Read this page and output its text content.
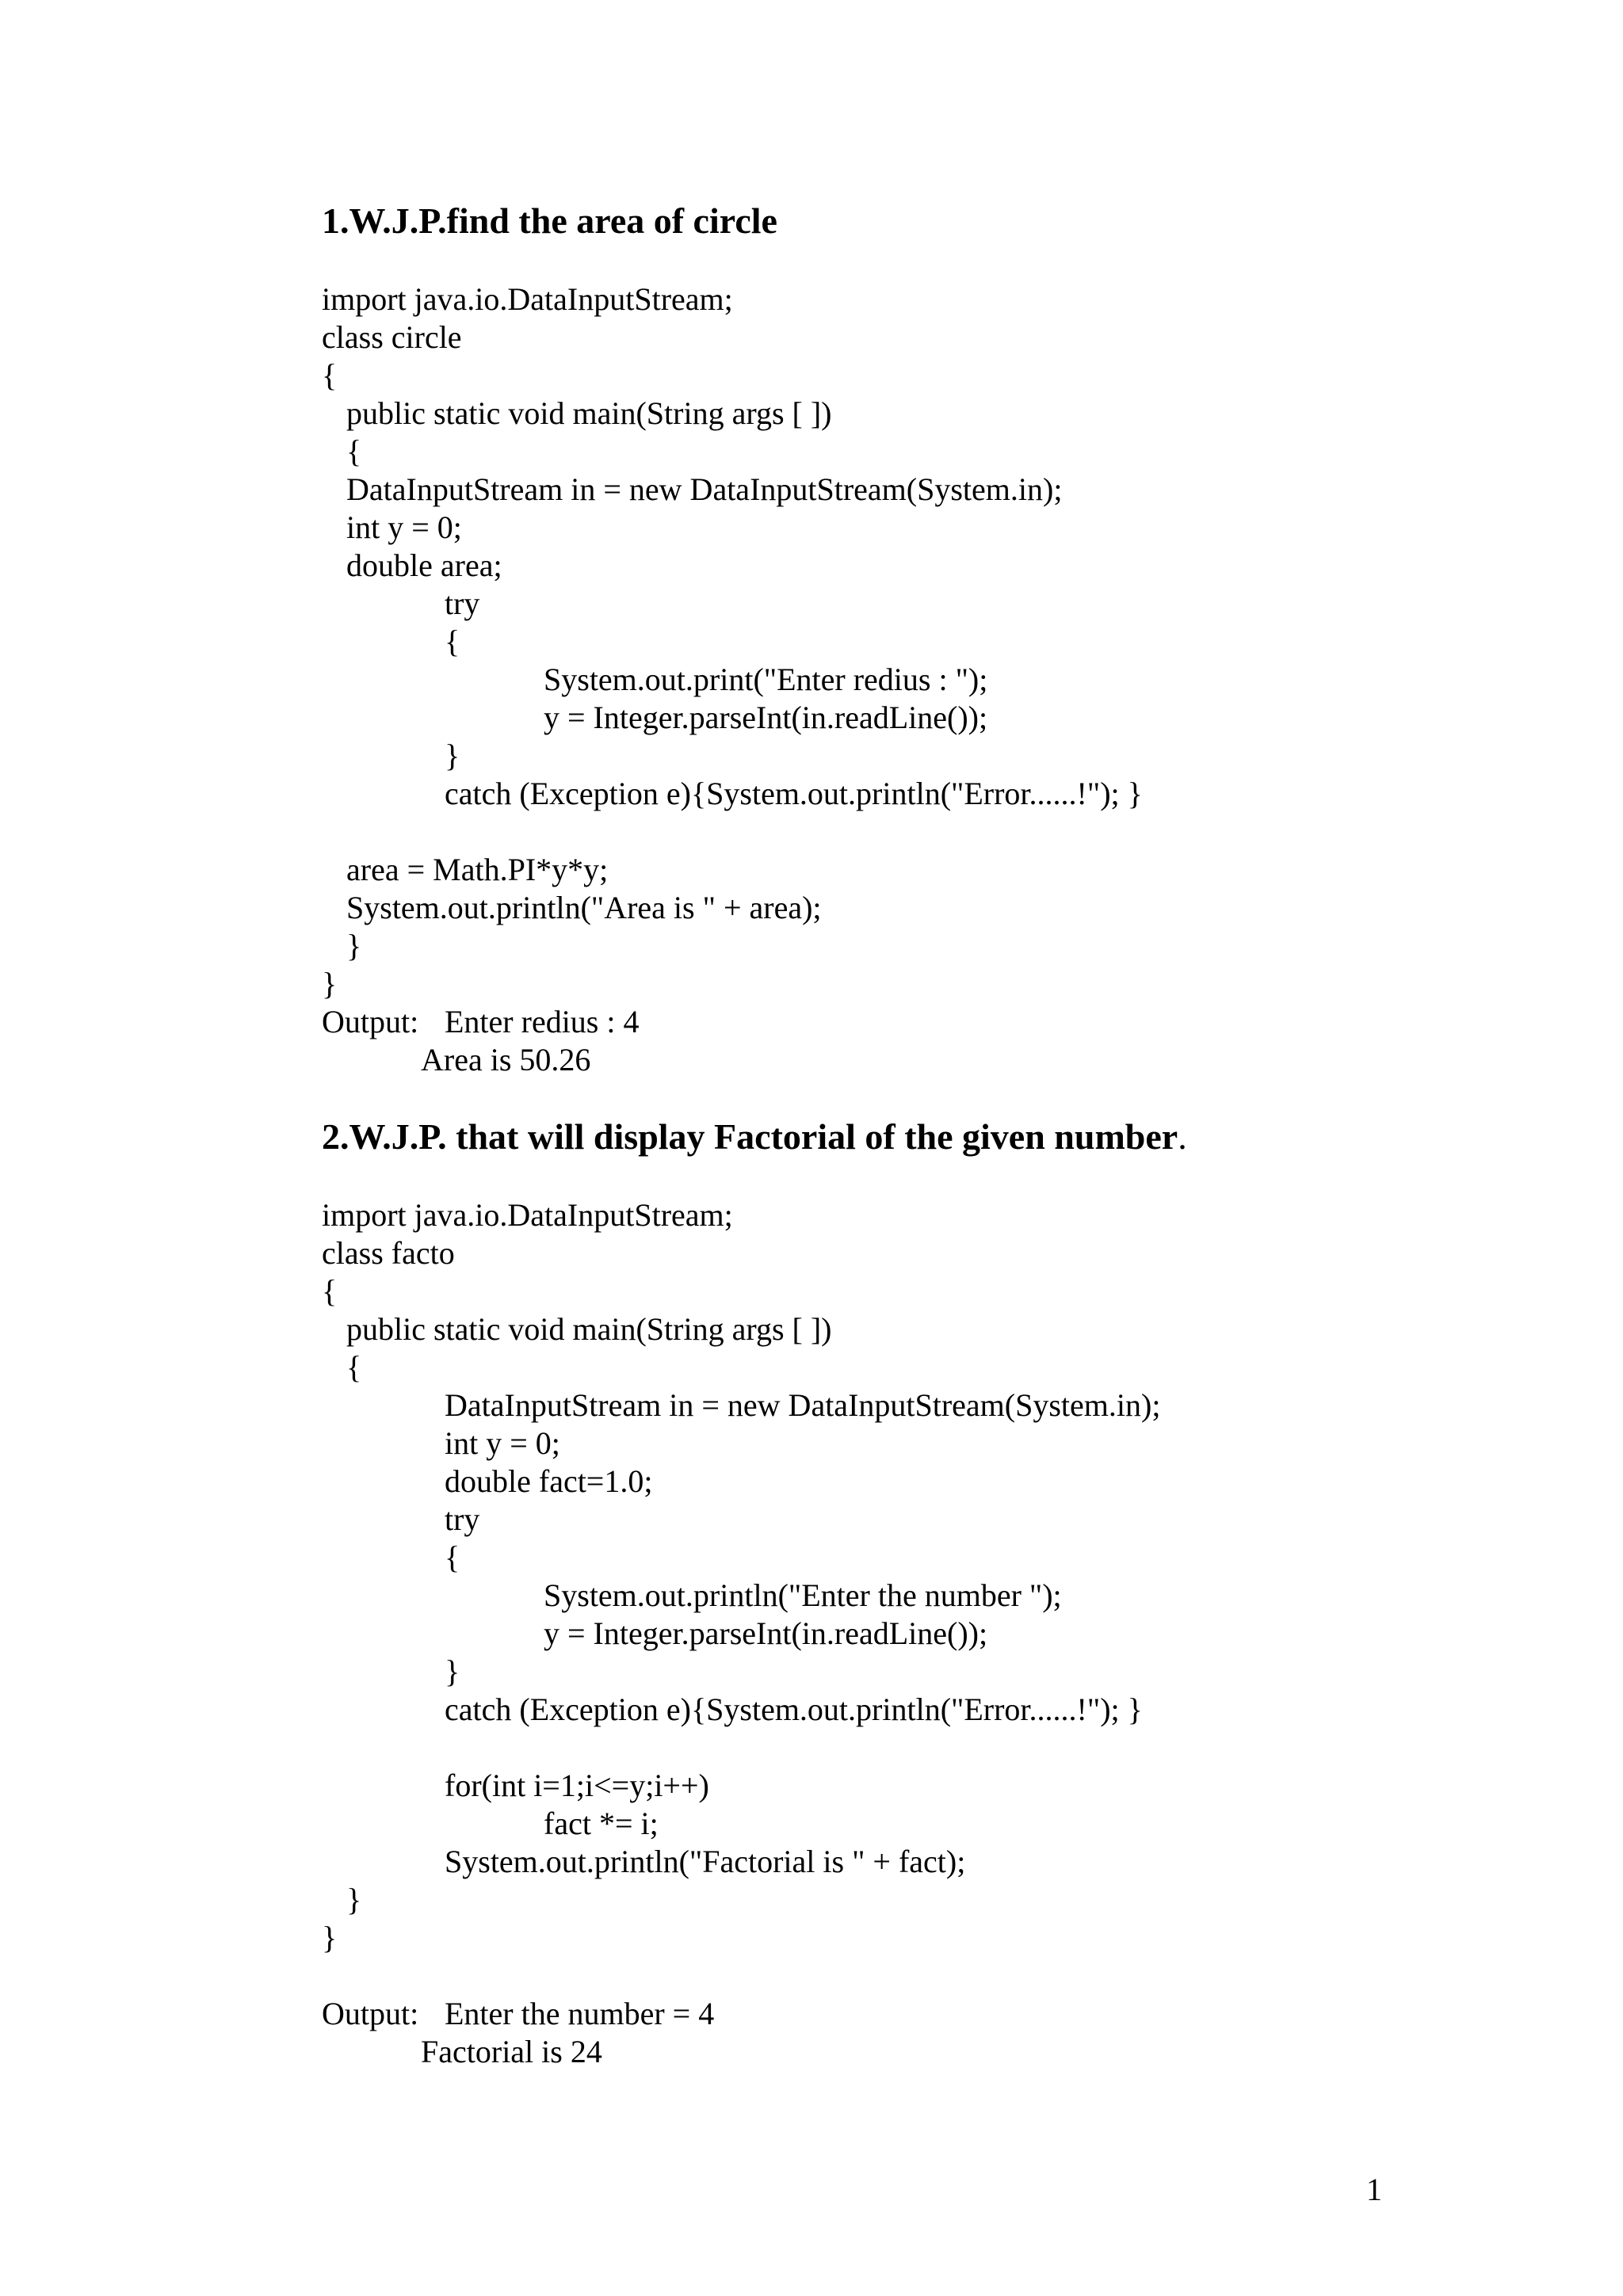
1.W.J.P.find the area of circle
import java.io.DataInputStream;
class circle
{
public static void main(String args [ ])
{
DataInputStream in = new DataInputStream(System.in);
int y = 0;
double area;
try
{
System.out.print("Enter redius : ");
y = Integer.parseInt(in.readLine());
}
catch (Exception e){System.out.println("Error......!"); }
area = Math.PI*y*y;
System.out.println("Area is " + area);
}
}
Output: Enter redius : 4
Area is 50.26
2.W.J.P. that will display Factorial of the given number.
import java.io.DataInputStream;
class facto
{
public static void main(String args [ ])
{
DataInputStream in = new DataInputStream(System.in);
int y = 0;
double fact=1.0;
try
{
System.out.println("Enter the number ");
y = Integer.parseInt(in.readLine());
}
catch (Exception e){System.out.println("Error......!"); }
for(int i=1;i<=y;i++)
fact *= i;
System.out.println("Factorial is " + fact);
}
}
Output: Enter the number = 4
Factorial is 24
1
